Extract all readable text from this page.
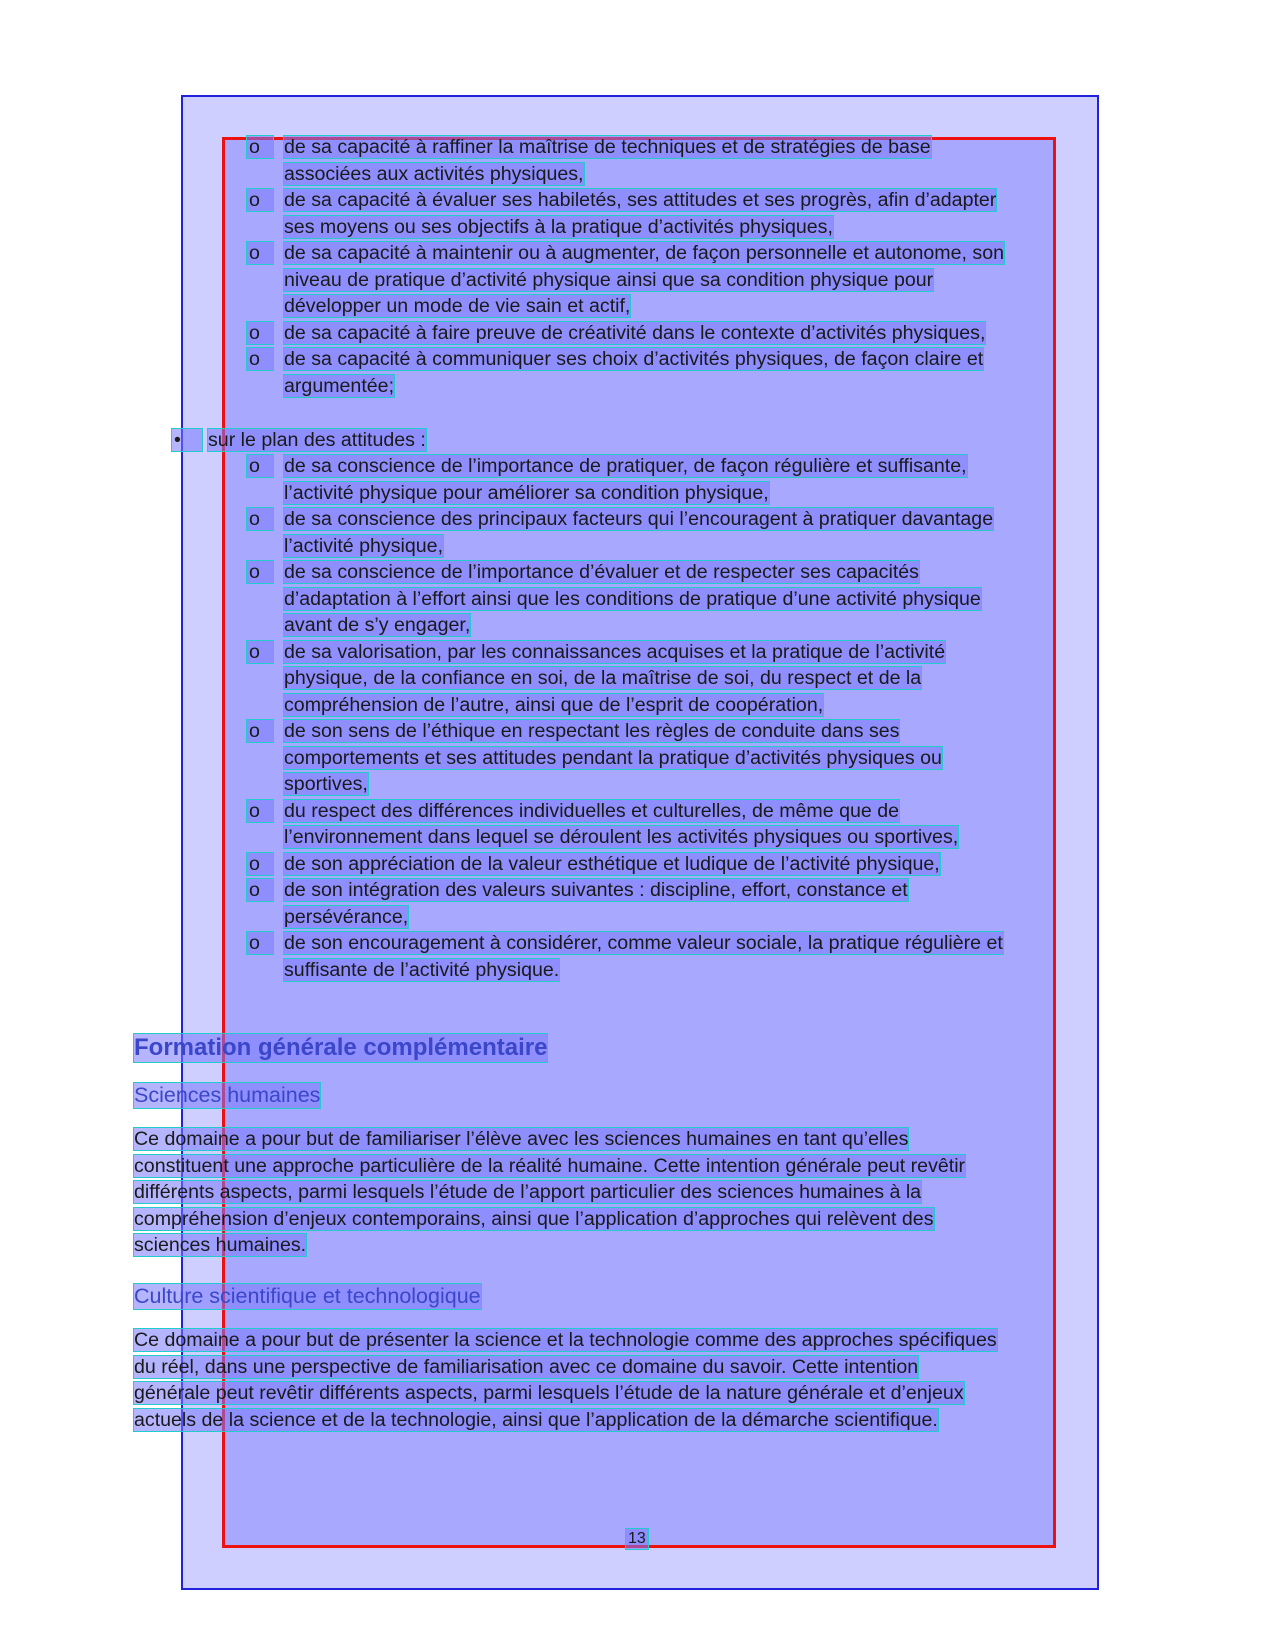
Formation générale complémentaire
Sciences humaines
Culture scientifique et technologique
13
o	de sa capacité à raffiner la maîtrise de techniques et de stratégies de base
associées aux activités physiques,
o	de sa capacité à évaluer ses habiletés, ses attitudes et ses progrès, afin d’adapter
ses moyens ou ses objectifs à la pratique d’activités physiques,
o	de sa capacité à maintenir ou à augmenter, de façon personnelle et autonome, son
niveau de pratique d’activité physique ainsi que sa condition physique pour
développer un mode de vie sain et actif,
o	de sa capacité à faire preuve de créativité dans le contexte d’activités physiques,
o	de sa capacité à communiquer ses choix d’activités physiques, de façon claire et
argumentée;
•	sur le plan des attitudes :
o	de sa conscience de l’importance de pratiquer, de façon régulière et suffisante,
l’activité physique pour améliorer sa condition physique,
o	de sa conscience des principaux facteurs qui l’encouragent à pratiquer davantage
l’activité physique,
o	de sa conscience de l’importance d’évaluer et de respecter ses capacités
d’adaptation à l’effort ainsi que les conditions de pratique d’une activité physique
avant de s’y engager,
o	de sa valorisation, par les connaissances acquises et la pratique de l’activité
physique, de la confiance en soi, de la maîtrise de soi, du respect et de la
compréhension de l’autre, ainsi que de l’esprit de coopération,
o	de son sens de l’éthique en respectant les règles de conduite dans ses
comportements et ses attitudes pendant la pratique d’activités physiques ou
sportives,
o	du respect des différences individuelles et culturelles, de même que de
l’environnement dans lequel se déroulent les activités physiques ou sportives,
o	de son appréciation de la valeur esthétique et ludique de l’activité physique,
o	de son intégration des valeurs suivantes : discipline, effort, constance et
persévérance,
o	de son encouragement à considérer, comme valeur sociale, la pratique régulière et
suffisante de l’activité physique.
Ce domaine a pour but de familiariser l’élève avec les sciences humaines en tant qu’elles
constituent une approche particulière de la réalité humaine. Cette intention générale peut revêtir
différents aspects, parmi lesquels l’étude de l’apport particulier des sciences humaines à la
compréhension d’enjeux contemporains, ainsi que l’application d’approches qui relèvent des
sciences humaines.
Ce domaine a pour but de présenter la science et la technologie comme des approches spécifiques
du réel, dans une perspective de familiarisation avec ce domaine du savoir. Cette intention
générale peut revêtir différents aspects, parmi lesquels l’étude de la nature générale et d’enjeux
actuels de la science et de la technologie, ainsi que l’application de la démarche scientifique.
